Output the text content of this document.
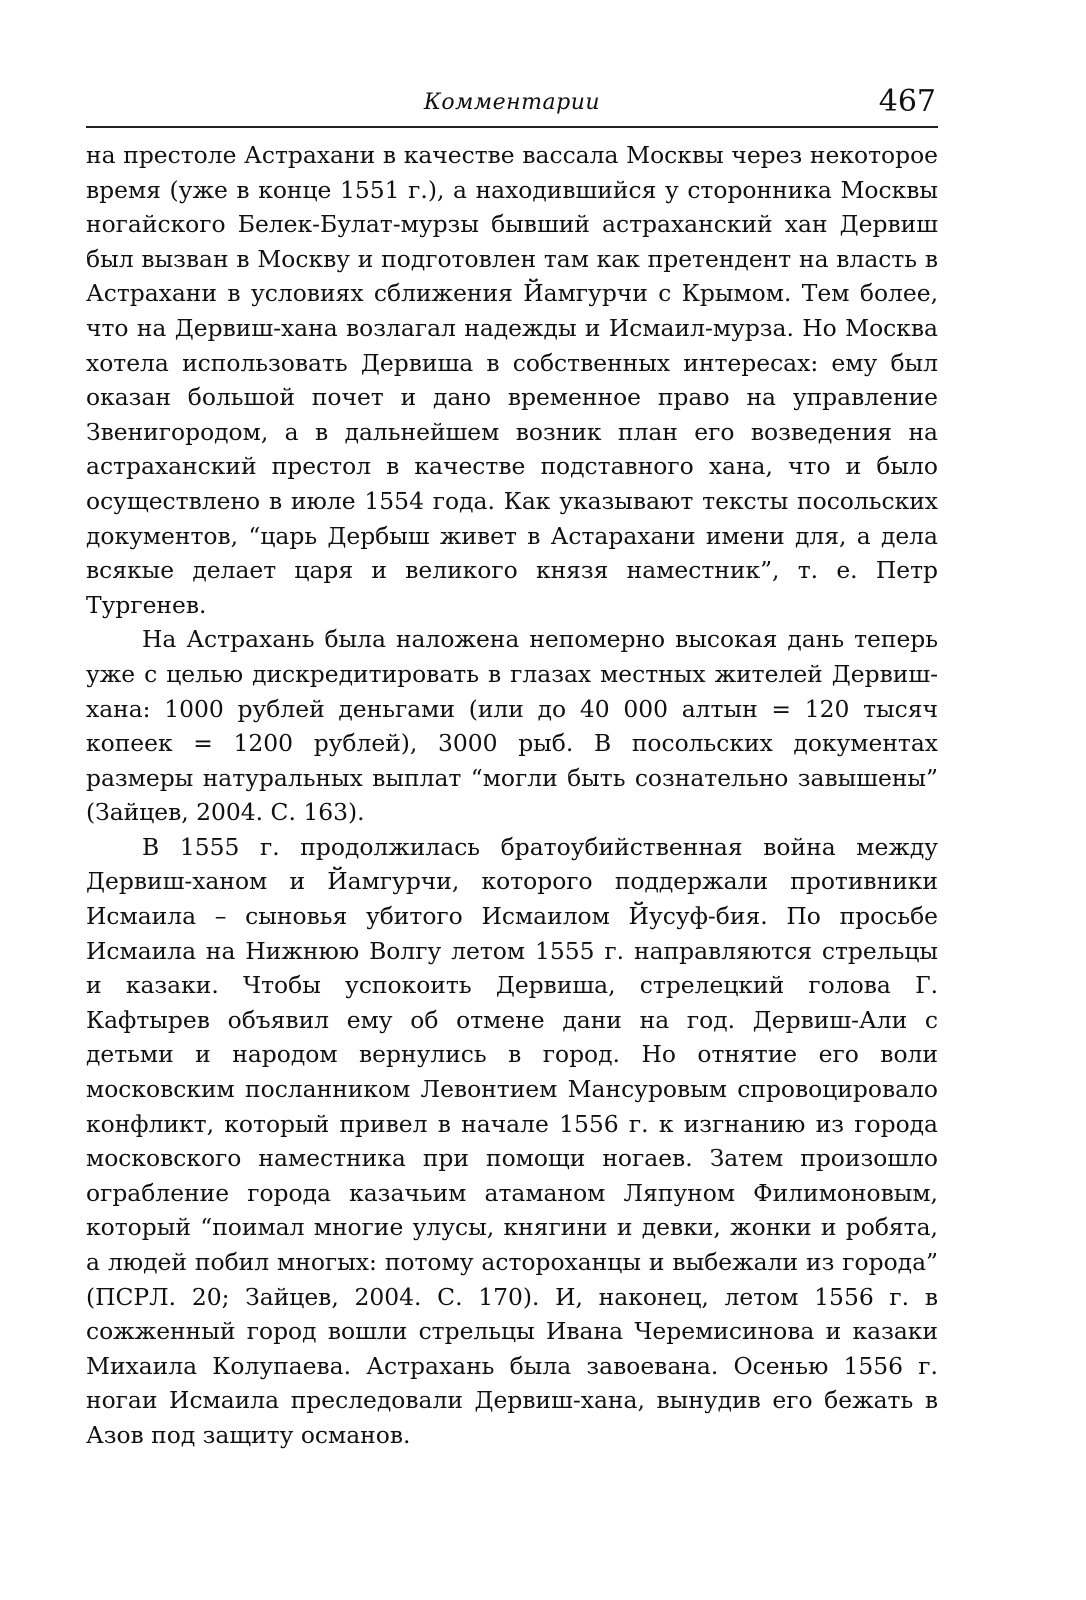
Комментарии	467

на престоле Астрахани в качестве вассала Москвы через некоторое время (уже в конце 1551 г.), а находившийся у сторонника Москвы ногайского Белек-Булат-мурзы бывший астраханский хан Дервиш был вызван в Москву и подготовлен там как претендент на власть в Астрахани в условиях сближения Йамгурчи с Крымом. Тем более, что на Дервиш-хана возлагал надежды и Исмаил-мурза. Но Москва хотела использовать Дервиша в собственных интересах: ему был оказан большой почет и дано временное право на управление Звенигородом, а в дальнейшем возник план его возведения на астраханский престол в качестве подставного хана, что и было осуществлено в июле 1554 года. Как указывают тексты посольских документов, “царь Дербыш живет в Астарахани имени для, а дела всякые делает царя и великого князя наместник”, т. е. Петр Тургенев.

На Астрахань была наложена непомерно высокая дань теперь уже с целью дискредитировать в глазах местных жителей Дервиш-хана: 1000 рублей деньгами (или до 40 000 алтын = 120 тысяч копеек = 1200 рублей), 3000 рыб. В посольских документах размеры натуральных выплат “могли быть сознательно завышены” (Зайцев, 2004. С. 163).

В 1555 г. продолжилась братоубийственная война между Дервиш-ханом и Йамгурчи, которого поддержали противники Исмаила – сыновья убитого Исмаилом Йусуф-бия. По просьбе Исмаила на Нижнюю Волгу летом 1555 г. направляются стрельцы и казаки. Чтобы успокоить Дервиша, стрелецкий голова Г. Кафтырев объявил ему об отмене дани на год. Дервиш-Али с детьми и народом вернулись в город. Но отнятие его воли московским посланником Левонтием Мансуровым спровоцировало конфликт, который привел в начале 1556 г. к изгнанию из города московского наместника при помощи ногаев. Затем произошло ограбление города казачьим атаманом Ляпуном Филимоновым, который “поимал многие улусы, княгини и девки, жонки и робята, а людей побил многых: потому астороханцы и выбежали из города” (ПСРЛ. 20; Зайцев, 2004. С. 170). И, наконец, летом 1556 г. в сожженный город вошли стрельцы Ивана Черемисинова и казаки Михаила Колупаева. Астрахань была завоевана. Осенью 1556 г. ногаи Исмаила преследовали Дервиш-хана, вынудив его бежать в Азов под защиту османов.
